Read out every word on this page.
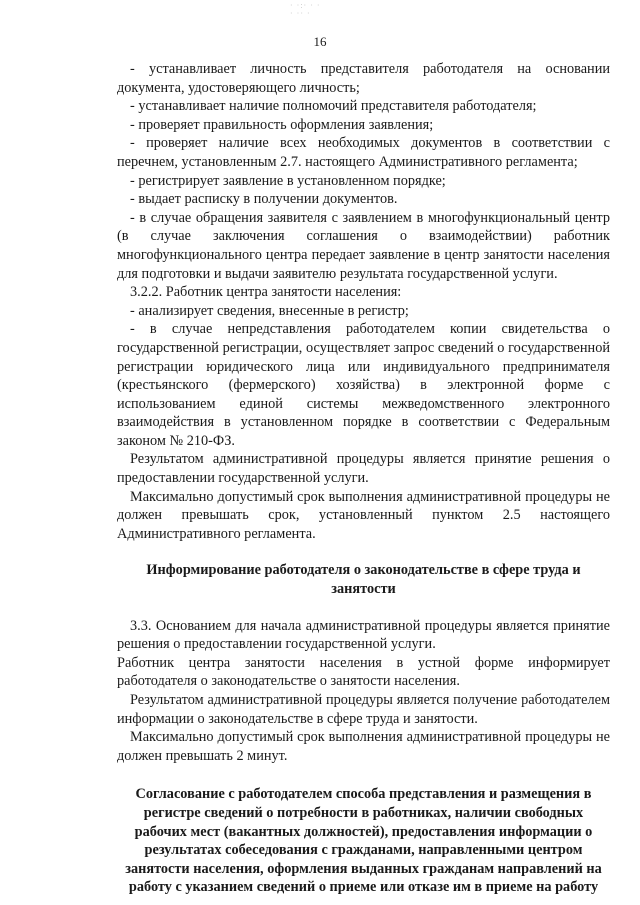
· ·:· · ·
· ·· ·
16

- устанавливает личность представителя работодателя на основании документа, удостоверяющего личность;

- устанавливает наличие полномочий представителя работодателя;

- проверяет правильность оформления заявления;

- проверяет наличие всех необходимых документов в соответствии с перечнем, установленным 2.7. настоящего Административного регламента;

- регистрирует заявление в установленном порядке;

- выдает расписку в получении документов.

- в случае обращения заявителя с заявлением в многофункциональный центр (в случае заключения соглашения о взаимодействии) работник многофункционального центра передает заявление в центр занятости населения для подготовки и выдачи заявителю результата государственной услуги.

3.2.2. Работник центра занятости населения:

- анализирует сведения, внесенные в регистр;

- в случае непредставления работодателем копии свидетельства о государственной регистрации, осуществляет запрос сведений о государственной регистрации юридического лица или индивидуального предпринимателя (крестьянского (фермерского) хозяйства) в электронной форме с использованием единой системы межведомственного электронного взаимодействия в установленном порядке в соответствии с Федеральным законом № 210-ФЗ.

Результатом административной процедуры является принятие решения о предоставлении государственной услуги.

Максимально допустимый срок выполнения административной процедуры не должен превышать срок, установленный пунктом 2.5 настоящего Административного регламента.

Информирование работодателя о законодательстве в сфере труда и занятости

3.3. Основанием для начала административной процедуры является принятие решения о предоставлении государственной услуги.

Работник центра занятости населения в устной форме информирует работодателя о законодательстве о занятости населения.

Результатом административной процедуры является получение работодателем информации о законодательстве в сфере труда и занятости.

Максимально допустимый срок выполнения административной процедуры не должен превышать 2 минут.

Согласование с работодателем способа представления и размещения в регистре сведений о потребности в работниках, наличии свободных рабочих мест (вакантных должностей), предоставления информации о результатах собеседования с гражданами, направленными центром занятости населения, оформления выданных гражданам направлений на работу с указанием сведений о приеме или отказе им в приеме на работу
